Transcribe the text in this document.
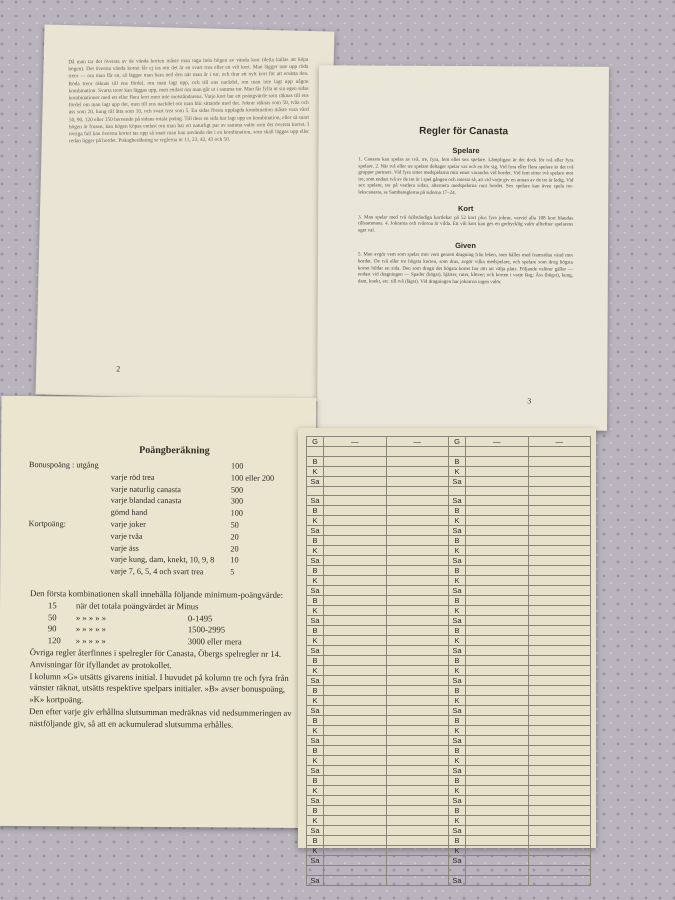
Då man tar det översta av de vända korten måste man taga hela högen av vända kort (detta kallas att köpa högen). Det översta vända kortet får ej tas om det är en svart trea eller en vilt kort. Man lägger inte upp röda treor — om man får en, så lägger man bara ned den när man är i tur, och drar ett nytt kort för att ersätta den. Röda treor räknas till ens fördel, om man lagt upp, och till ens nackdel, om man inte lagt upp någon kombination. Svarta treor kan läggas upp, men endast om man går ut i samma tur. Man får fylla ut sin egen sidas kombinationer med ett eller flera kort men inte motståndarens. Varje kort har ett poängvärde som räknas till ens fördel om man lagt upp det, men till ens nackdel om man blir sittande med det. Jokrar räknas som 50, tvåa och äss som 20, kung till åtta som 10, och svart trea som 5. En sidas första upplagda kombination måste vara värd 50, 90, 120 eller 150 beroende på sidans totala poäng. Till dess en sida har lagt upp en kombination, eller så snart högen är frusen, kan högen köpas endast om man har ett naturligt par av samma valör som det översta kortet. I övriga fall kan översta kortet tas upp så snart man kan använda det i en kombination, som skall läggas upp eller redan ligger på bordet. Poängberäkning se reglerna nr 11, 23, 42, 43 och 50.
2
Regler för Canasta
Spelare
1. Canasta kan spelas av två, tre, fyra, fem eller sex spelare. Lämpligast är det dock för två eller fyra spelare. 2. När två eller tre spelare deltager spelar var och en för sig. Vid fyra eller flera spelare är det två grupper partners. Vid fyra sitter medspelarna mitt emot varandra vid bordet. Vid fem sitter två spelare mot tre, som endast två av de tre är i spel gången och roterar så, att vid varje giv en annan av de tre är ledig. Vid sex spelare, tre på vardera sidan, alternera medspelarna runt bordet. Sex spelare kan även spela tre-lekscanasta, se Sambareglerna på sidorna 17–24.
Kort
3. Man spelar med två fullständiga kortlekar på 52 kort plus fyra jokrar, varvid alla 108 kort blandas tillsammans. 4. Jokrarna och tvåorna är vilda. Ett vilt kort kan ges en godtycklig valör allteftter spelarens eget val.
Given
5. Man avgör vem som spelar mot vem genom dragning från leken, som hålles med framsidan vänd mot bordet. De två eller tre högsta korten, som dras, avgör vilka medspelare, och spelare som drog högsta kortet bildar en sida. Den som dragit det högsta kortet har rätt att välja plats. Följande valörer gäller — endast vid dragningen — Spader (högst), hjärter, ruter, klöver; och korten i varje färg: Äss (högst), kung, dam, knekt, etc. till två (lägst). Vid dragningen har jokrarna ingen valör.
3
Poängberäkning
Bonuspoäng : utgång	100
varje röd trea	100 eller 200
varje naturlig canasta	500
varje blandad canasta	300
gömd hand	100
Kortpoäng:	varje joker	50
varje tvåa	20
varje äss	20
varje kung, dam, knekt, 10, 9, 8 10
varje 7, 6, 5, 4 och svart trea	5

Den första kombinationen skall innehålla följande minimum-poängvärde:

15 när det totala poängvärdet är Minus
50 » » » » »	0-1495
90 » » » » »	1500-2995
120 » » » » »	3000 eller mera

Övriga regler återfinnes i spelregler för Canasta, Öbergs spelregler nr 14.

Anvisningar för ifyllandet av protokollet.

I kolumn »G» utsätts givarens initial. I huvudet på kolumn tre och fyra från vänster räknat, utsätts respektive spelpars initialer. »B» avser bonuspoäng, »K» kortpoäng.

Den efter varje giv erhållna slutsumman medräknas vid nedsummeringen av nästföljande giv, så att en ackumulerad slutsumma erhålles.

G	—	—	G	—	—

B			B		
K			K		
Sa			Sa		

Sa			Sa		
B			B		
K			K		
Sa			Sa		
B			B		
K			K		
Sa			Sa		
B			B		
K			K		
Sa			Sa		
B			B		
K			K		
Sa			Sa		
B			B		
K			K		
Sa			Sa		
B			B		
K			K		
Sa			Sa		
B			B		
K			K		
Sa			Sa		
B			B		
K			K		
Sa			Sa		
B			B		
K			K		
Sa			Sa		
B			B		
K			K		
Sa			Sa		
B			B		
K			K		
Sa			Sa		
B			B		
K			K		
Sa			Sa		

Sa			Sa		
